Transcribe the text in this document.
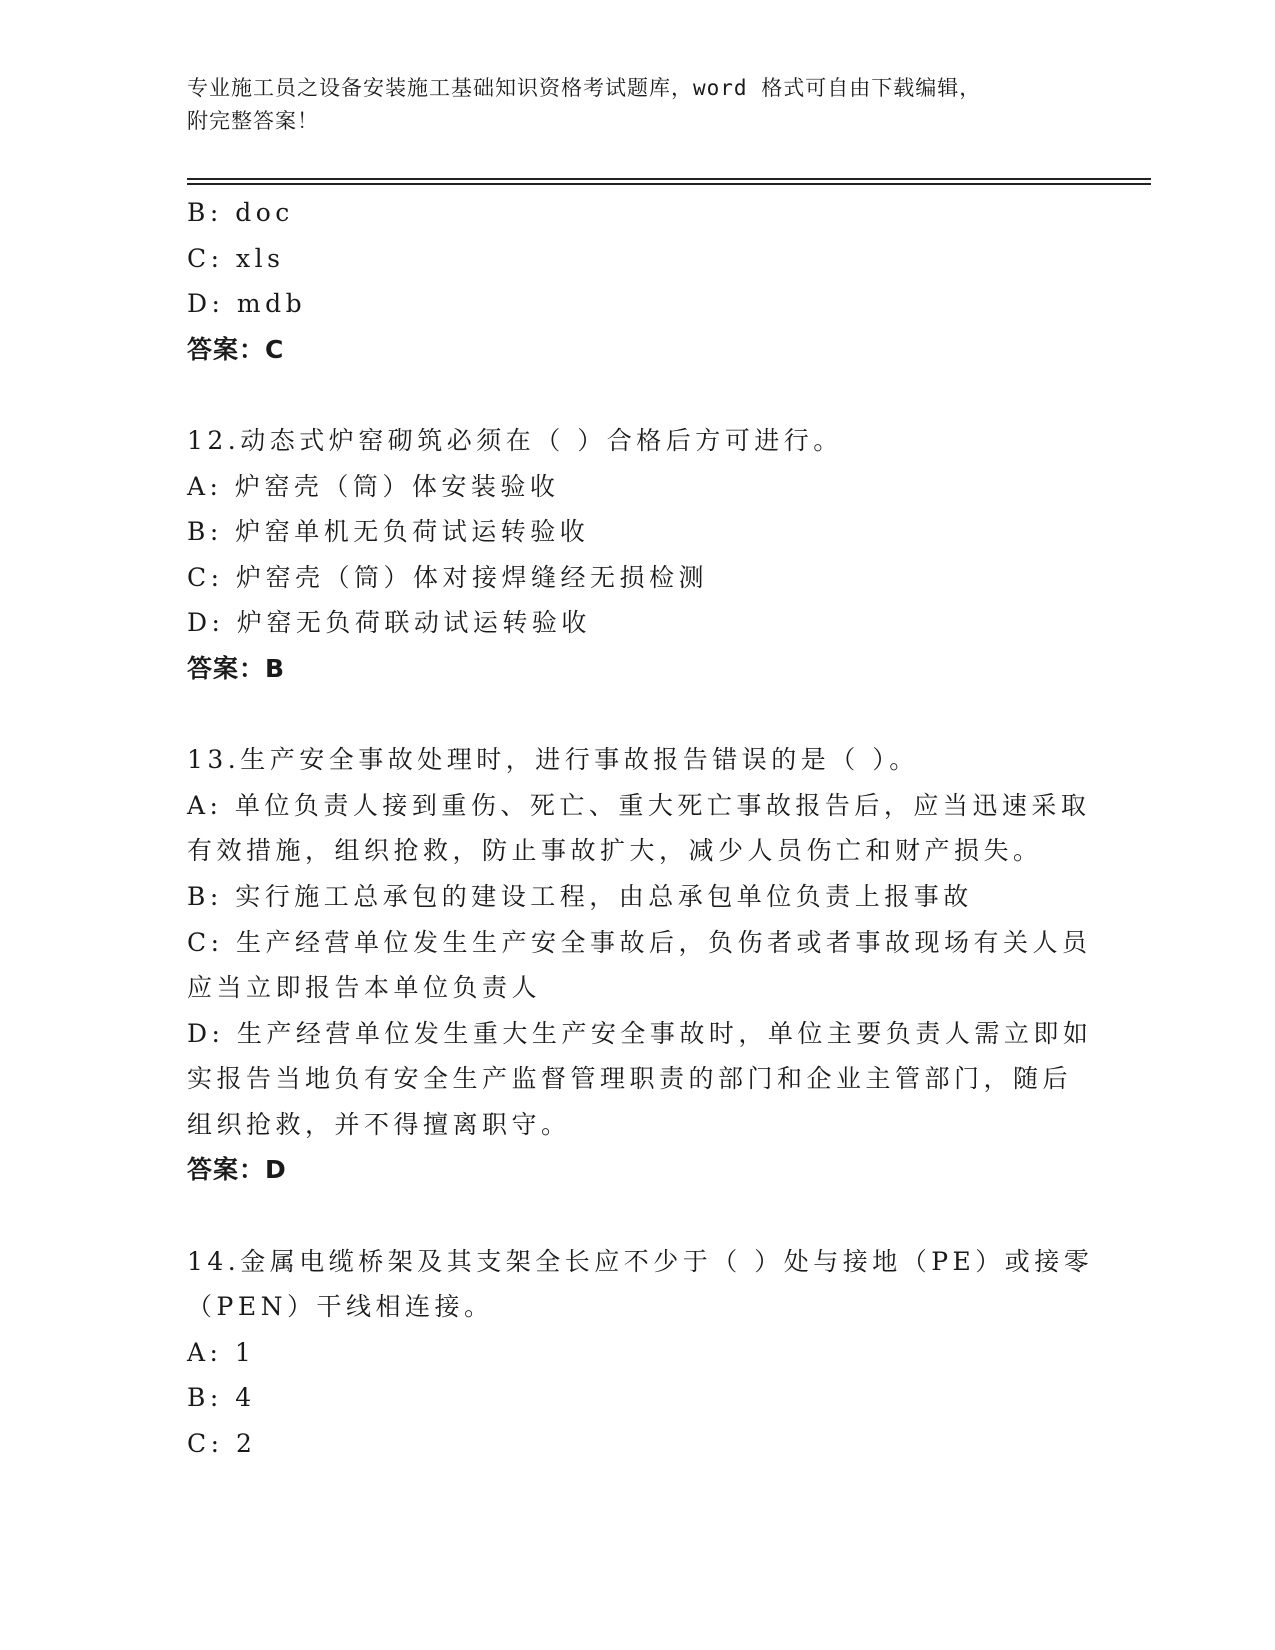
专业施工员之设备安装施工基础知识资格考试题库，word 格式可自由下载编辑，
附完整答案！
B: doc
C: xls
D: mdb
答案：C
12.动态式炉窑砌筑必须在（ ）合格后方可进行。
A: 炉窑壳（筒）体安装验收
B: 炉窑单机无负荷试运转验收
C: 炉窑壳（筒）体对接焊缝经无损检测
D: 炉窑无负荷联动试运转验收
答案：B
13.生产安全事故处理时，进行事故报告错误的是（ ）。
A: 单位负责人接到重伤、死亡、重大死亡事故报告后，应当迅速采取
有效措施，组织抢救，防止事故扩大，减少人员伤亡和财产损失。
B: 实行施工总承包的建设工程，由总承包单位负责上报事故
C: 生产经营单位发生生产安全事故后，负伤者或者事故现场有关人员
应当立即报告本单位负责人
D: 生产经营单位发生重大生产安全事故时，单位主要负责人需立即如
实报告当地负有安全生产监督管理职责的部门和企业主管部门，随后
组织抢救，并不得擅离职守。
答案：D
14.金属电缆桥架及其支架全长应不少于（ ）处与接地（PE）或接零
（PEN）干线相连接。
A: 1
B: 4
C: 2
